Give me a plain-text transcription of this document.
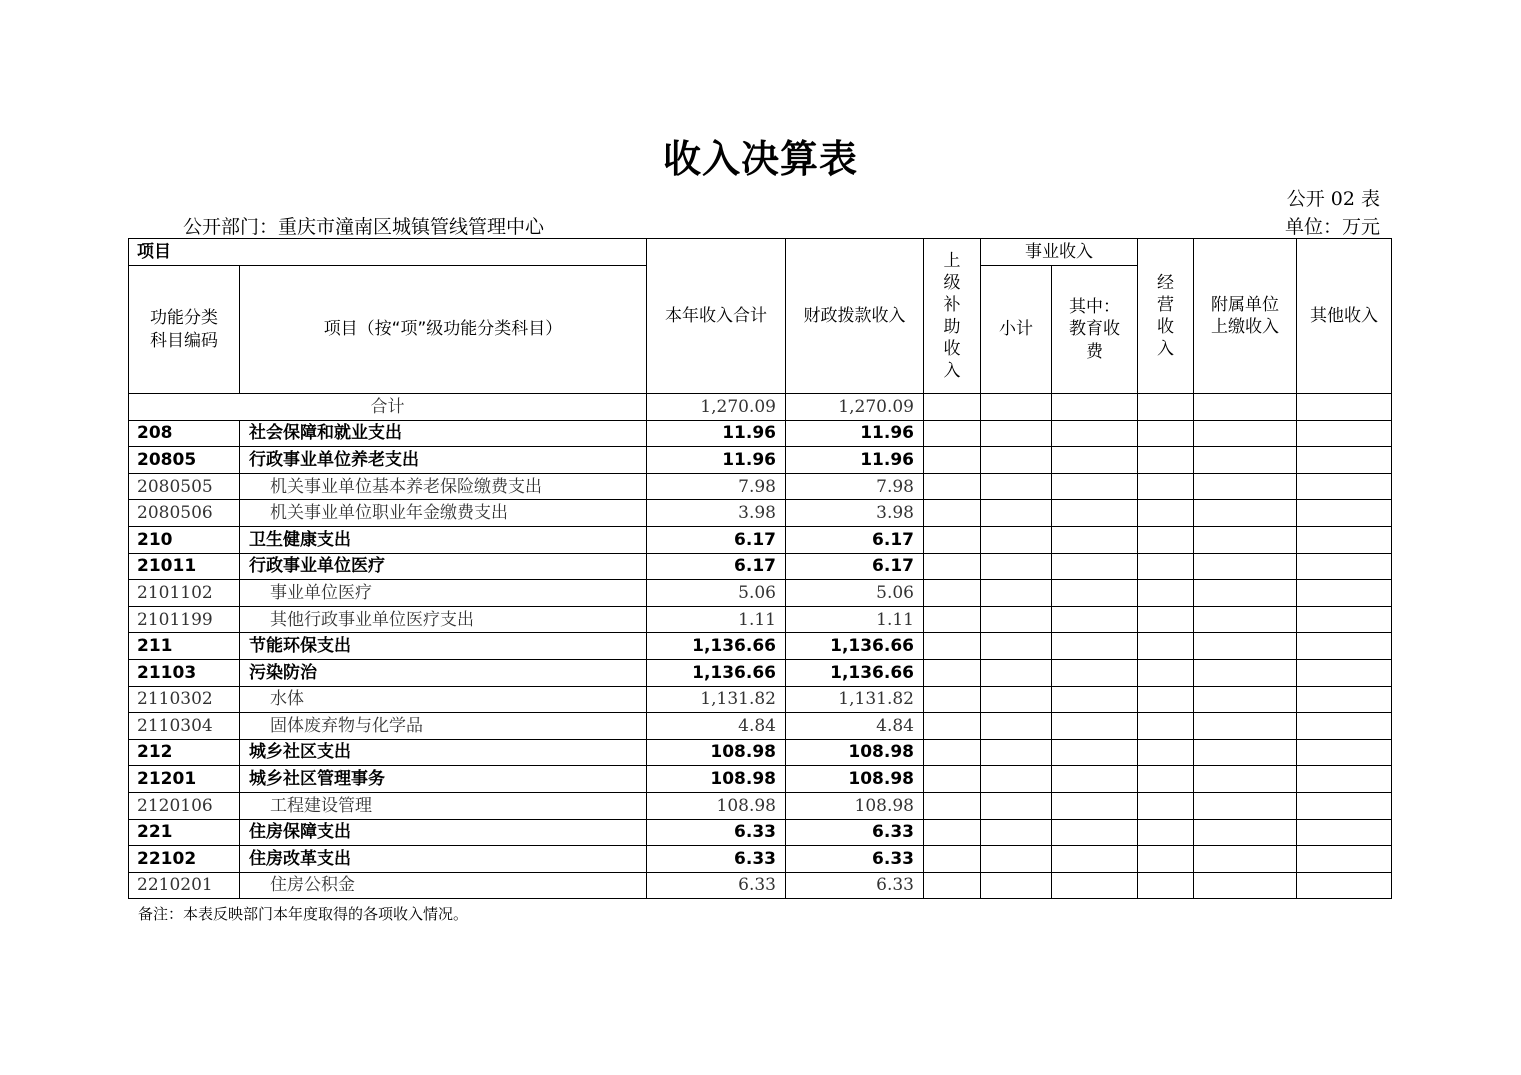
收入决算表
公开 02 表
公开部门：重庆市潼南区城镇管线管理中心	单位：万元
项目		本年收入合计	财政拨款收入	上级补助收入	事业收入		经营收入	附属单位上缴收入	其他收入
功能分类科目编码	项目（按“项”级功能分类科目）				小计	其中：教育收费			
合计		1,270.09	1,270.09						
208	社会保障和就业支出	11.96	11.96						
20805	行政事业单位养老支出	11.96	11.96						
2080505	机关事业单位基本养老保险缴费支出	7.98	7.98						
2080506	机关事业单位职业年金缴费支出	3.98	3.98						
210	卫生健康支出	6.17	6.17						
21011	行政事业单位医疗	6.17	6.17						
2101102	事业单位医疗	5.06	5.06						
2101199	其他行政事业单位医疗支出	1.11	1.11						
211	节能环保支出	1,136.66	1,136.66						
21103	污染防治	1,136.66	1,136.66						
2110302	水体	1,131.82	1,131.82						
2110304	固体废弃物与化学品	4.84	4.84						
212	城乡社区支出	108.98	108.98						
21201	城乡社区管理事务	108.98	108.98						
2120106	工程建设管理	108.98	108.98						
221	住房保障支出	6.33	6.33						
22102	住房改革支出	6.33	6.33						
2210201	住房公积金	6.33	6.33						
备注：本表反映部门本年度取得的各项收入情况。
